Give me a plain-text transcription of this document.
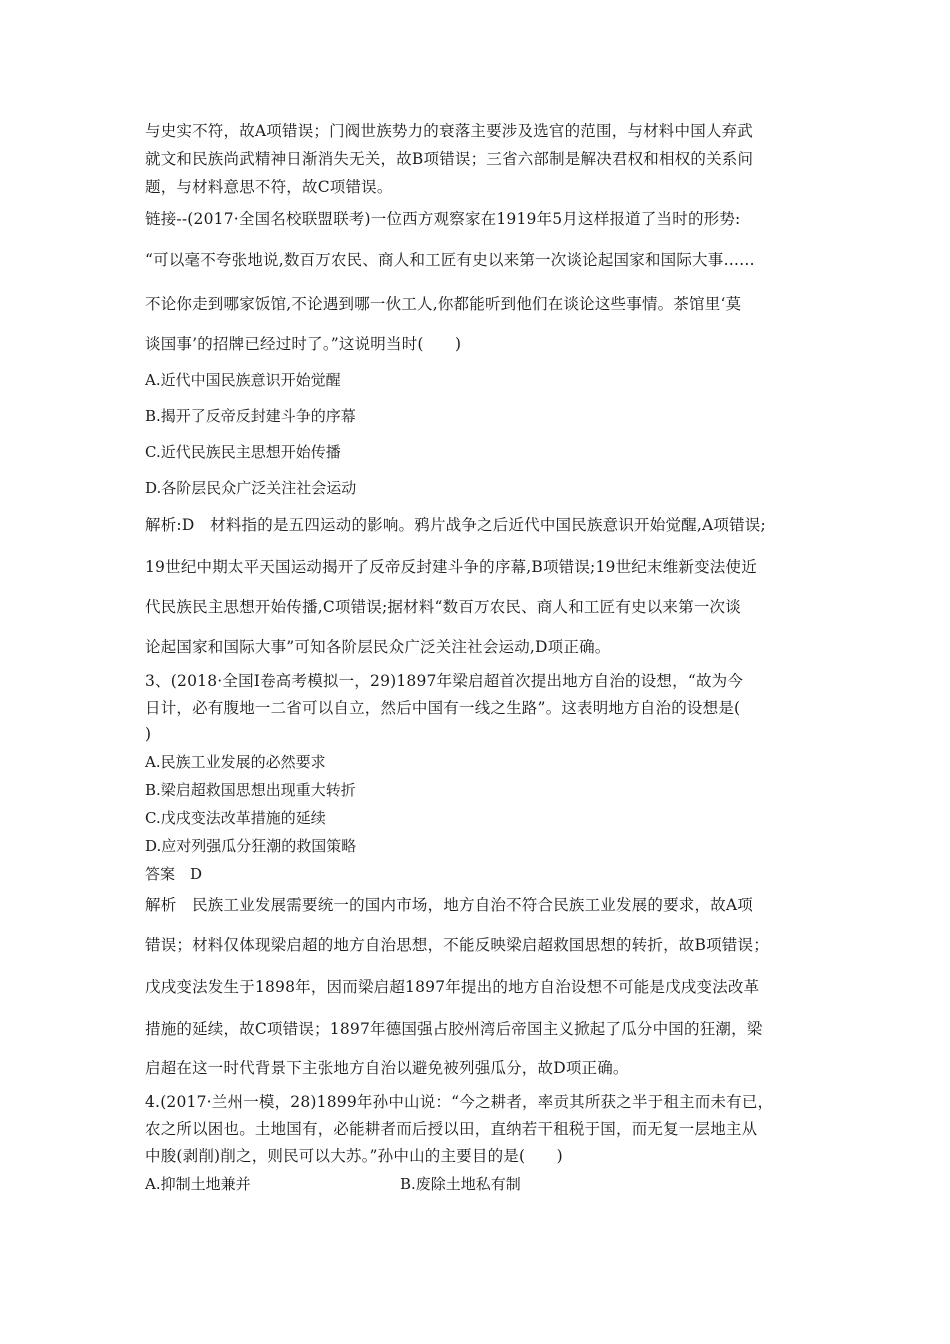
与史实不符，故A项错误；门阀世族势力的衰落主要涉及选官的范围，与材料中国人弃武
就文和民族尚武精神日渐消失无关，故B项错误；三省六部制是解决君权和相权的关系问
题，与材料意思不符，故C项错误。
链接--(2017·全国名校联盟联考)一位西方观察家在1919年5月这样报道了当时的形势:
“可以毫不夸张地说,数百万农民、商人和工匠有史以来第一次谈论起国家和国际大事……
不论你走到哪家饭馆,不论遇到哪一伙工人,你都能听到他们在谈论这些事情。茶馆里‘莫
谈国事’的招牌已经过时了。”这说明当时(　　)
A.近代中国民族意识开始觉醒
B.揭开了反帝反封建斗争的序幕
C.近代民族民主思想开始传播
D.各阶层民众广泛关注社会运动
解析:D　材料指的是五四运动的影响。鸦片战争之后近代中国民族意识开始觉醒,A项错误;
19世纪中期太平天国运动揭开了反帝反封建斗争的序幕,B项错误;19世纪末维新变法使近
代民族民主思想开始传播,C项错误;据材料“数百万农民、商人和工匠有史以来第一次谈
论起国家和国际大事”可知各阶层民众广泛关注社会运动,D项正确。
3、(2018·全国Ⅰ卷高考模拟一，29)1897年梁启超首次提出地方自治的设想，“故为今
日计，必有腹地一二省可以自立，然后中国有一线之生路”。这表明地方自治的设想是(
)
A.民族工业发展的必然要求
B.梁启超救国思想出现重大转折
C.戊戌变法改革措施的延续
D.应对列强瓜分狂潮的救国策略
答案　D
解析　民族工业发展需要统一的国内市场，地方自治不符合民族工业发展的要求，故A项
错误；材料仅体现梁启超的地方自治思想，不能反映梁启超救国思想的转折，故B项错误；
戊戌变法发生于1898年，因而梁启超1897年提出的地方自治设想不可能是戊戌变法改革
措施的延续，故C项错误；1897年德国强占胶州湾后帝国主义掀起了瓜分中国的狂潮，梁
启超在这一时代背景下主张地方自治以避免被列强瓜分，故D项正确。
4.(2017·兰州一模，28)1899年孙中山说：“今之耕者，率贡其所获之半于租主而未有已，
农之所以困也。土地国有，必能耕者而后授以田，直纳若干租税于国，而无复一层地主从
中朘(剥削)削之，则民可以大苏。”孙中山的主要目的是(　　)
A.抑制土地兼并	B.废除土地私有制
